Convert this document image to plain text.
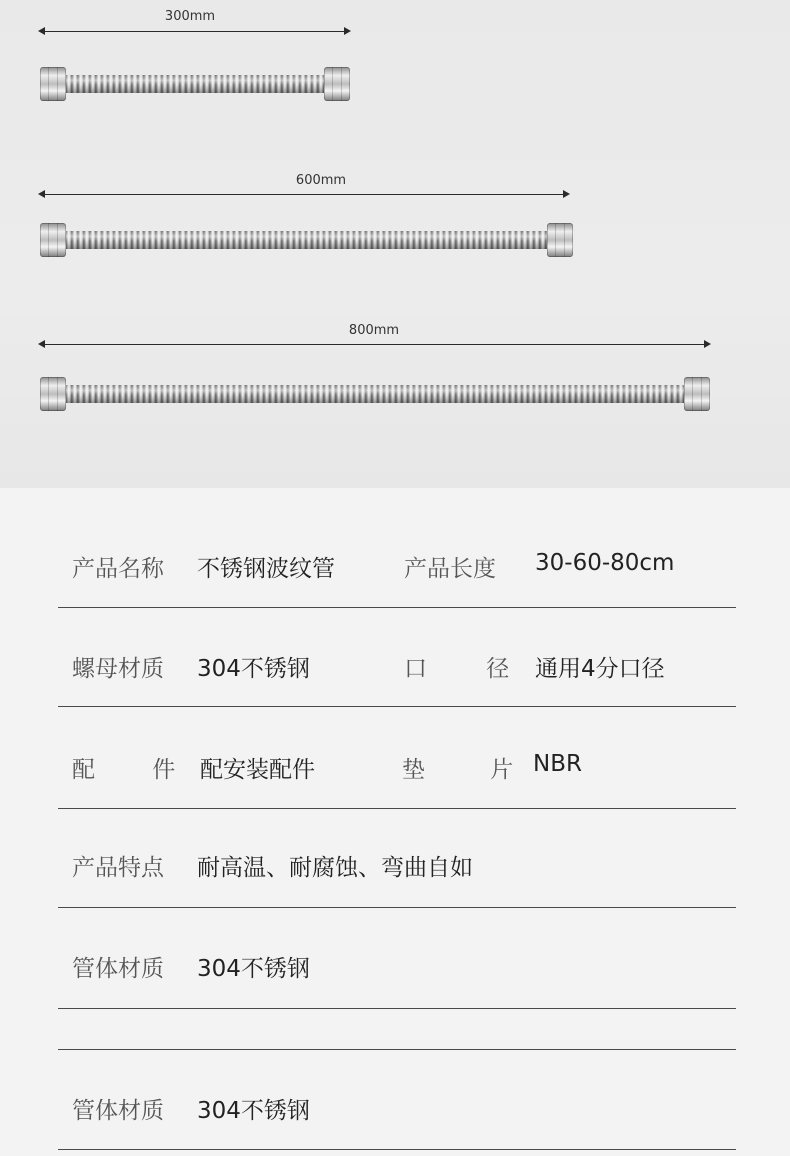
300mm
600mm
800mm
产品名称 不锈钢波纹管	产品长度 30-60-80cm
螺母材质 304不锈钢	口 径 通用4分口径
配 件 配安装配件	垫 片 NBR
产品特点 耐高温、耐腐蚀、弯曲自如
管体材质 304不锈钢
管体材质 304不锈钢
